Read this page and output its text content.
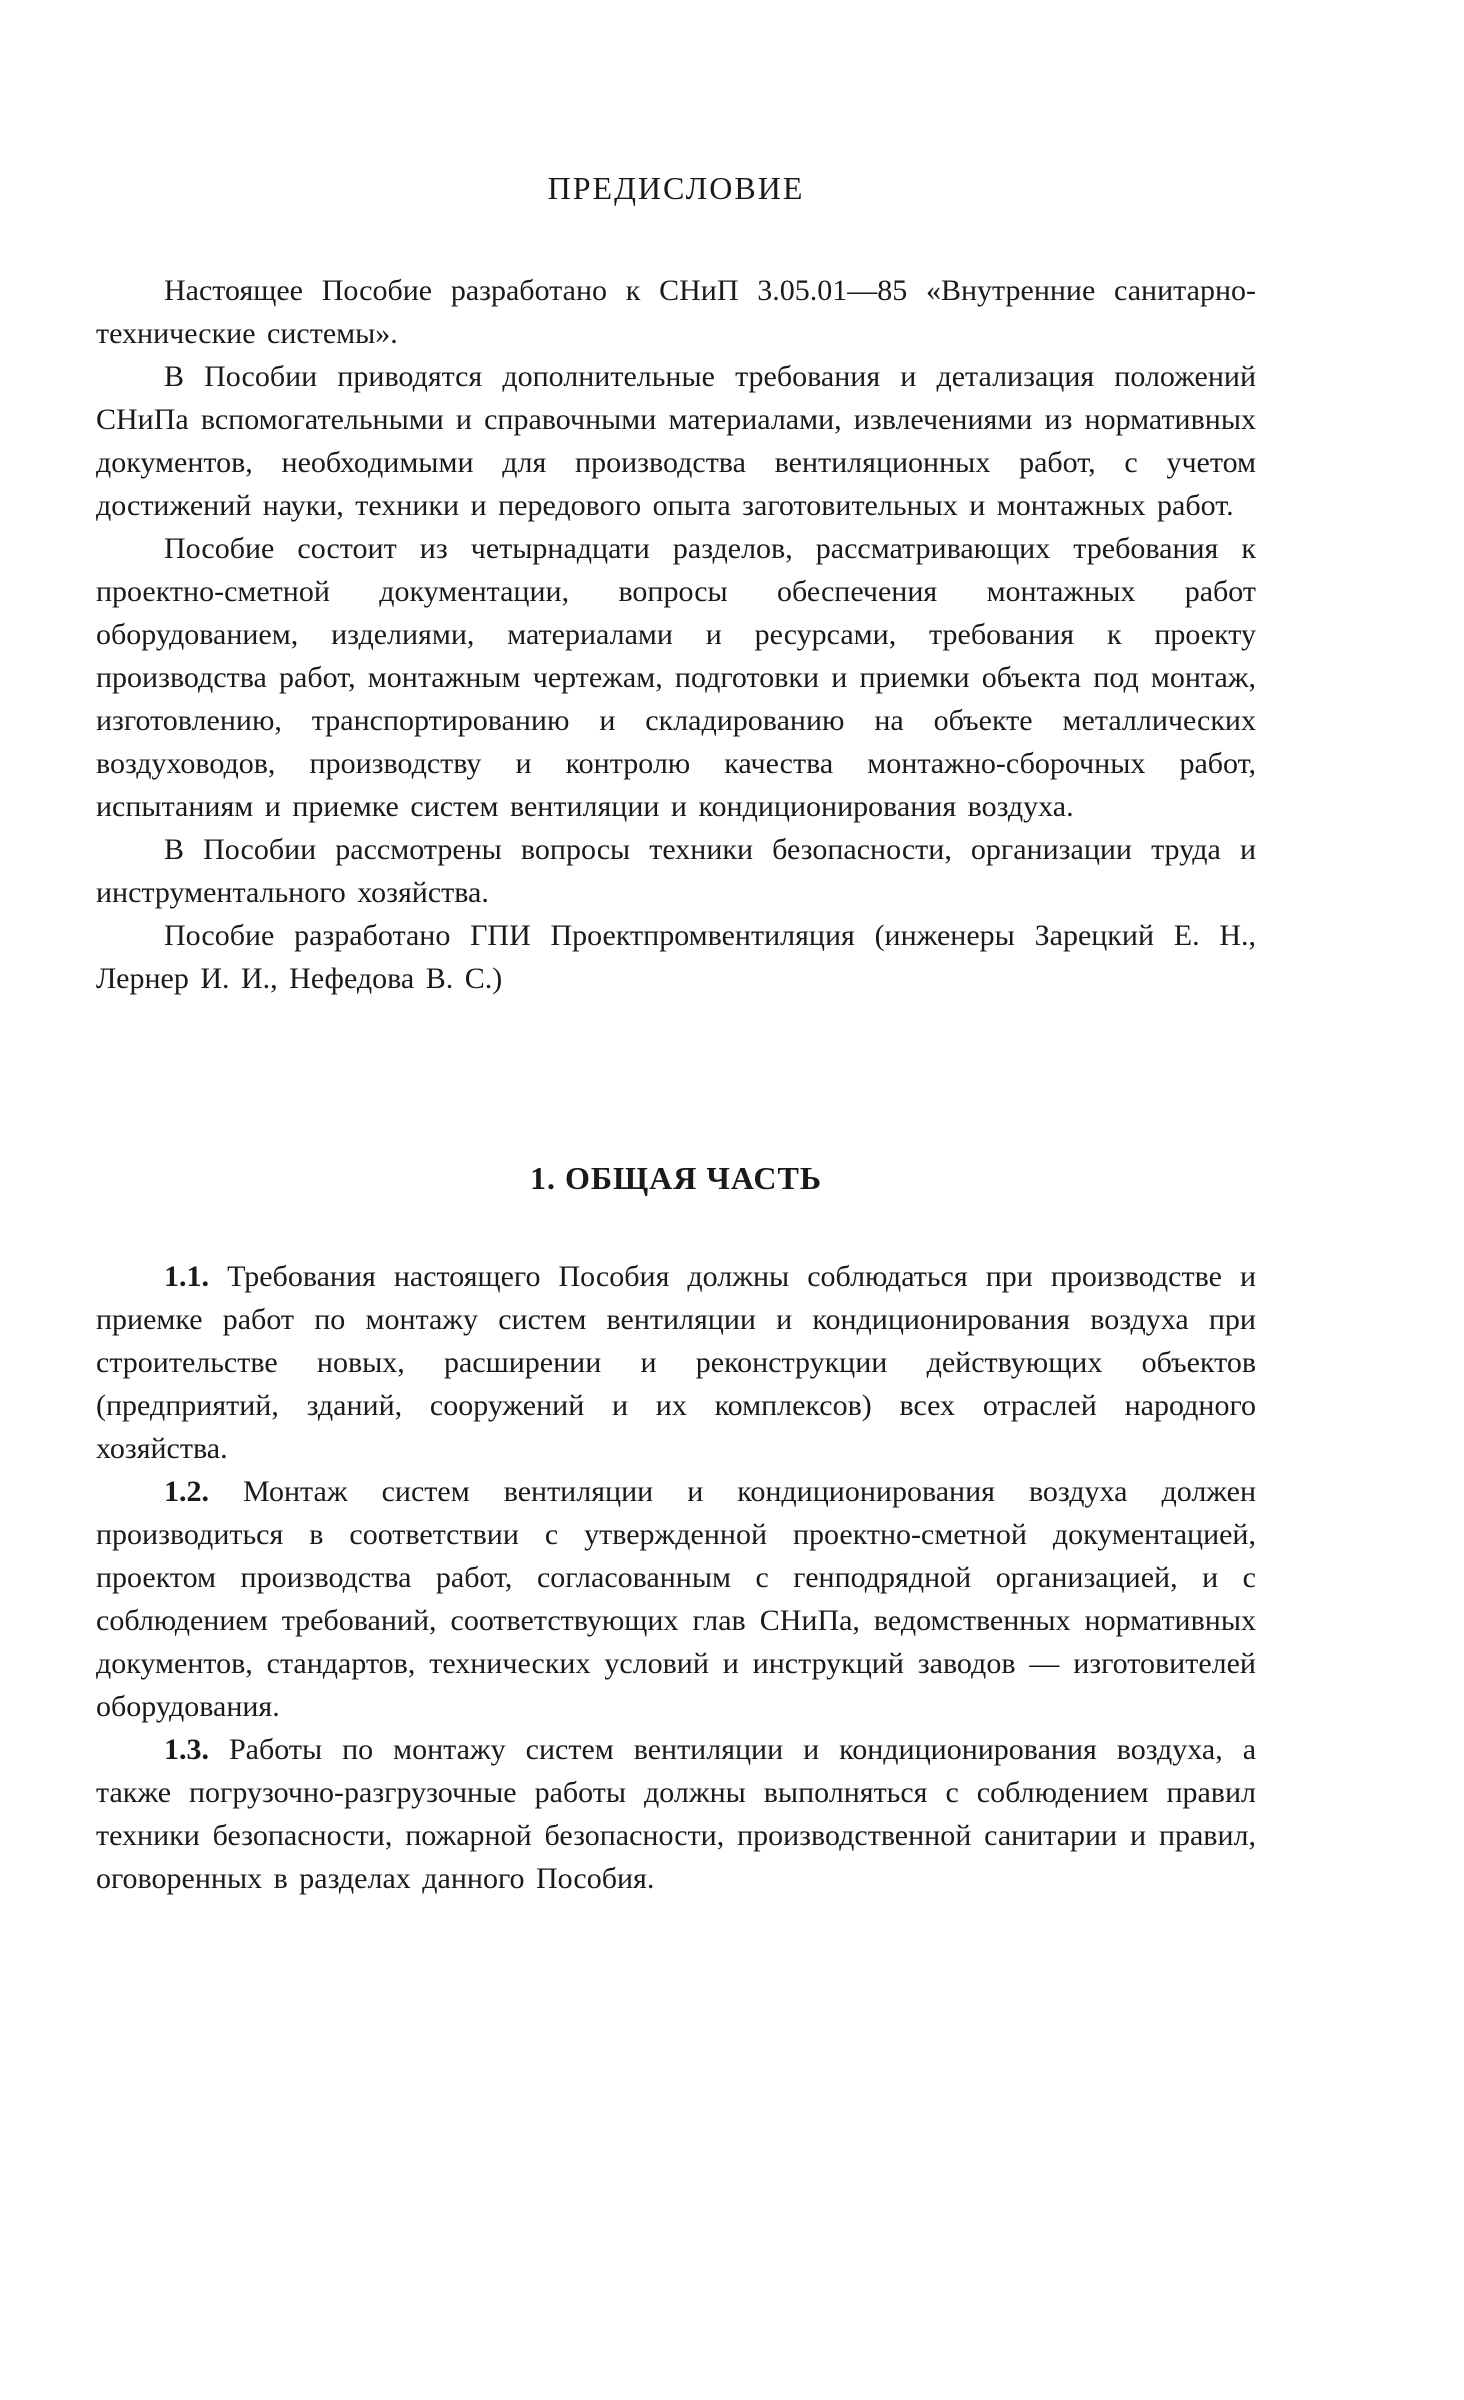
ПРЕДИСЛОВИЕ

Настоящее Пособие разработано к СНиП 3.05.01—85 «Внутренние санитарно-технические системы».

В Пособии приводятся дополнительные требования и детализация положений СНиПа вспомогательными и справочными материалами, извлечениями из нормативных документов, необходимыми для производства вентиляционных работ, с учетом достижений науки, техники и передового опыта заготовительных и монтажных работ.

Пособие состоит из четырнадцати разделов, рассматривающих требования к проектно-сметной документации, вопросы обеспечения монтажных работ оборудованием, изделиями, материалами и ресурсами, требования к проекту производства работ, монтажным чертежам, подготовки и приемки объекта под монтаж, изготовлению, транспортированию и складированию на объекте металлических воздуховодов, производству и контролю качества монтажно-сборочных работ, испытаниям и приемке систем вентиляции и кондиционирования воздуха.

В Пособии рассмотрены вопросы техники безопасности, организации труда и инструментального хозяйства.

Пособие разработано ГПИ Проектпромвентиляция (инженеры Зарецкий Е. Н., Лернер И. И., Нефедова В. С.)

1. ОБЩАЯ ЧАСТЬ

1.1. Требования настоящего Пособия должны соблюдаться при производстве и приемке работ по монтажу систем вентиляции и кондиционирования воздуха при строительстве новых, расширении и реконструкции действующих объектов (предприятий, зданий, сооружений и их комплексов) всех отраслей народного хозяйства.

1.2. Монтаж систем вентиляции и кондиционирования воздуха должен производиться в соответствии с утвержденной проектно-сметной документацией, проектом производства работ, согласованным с генподрядной организацией, и с соблюдением требований, соответствующих глав СНиПа, ведомственных нормативных документов, стандартов, технических условий и инструкций заводов — изготовителей оборудования.

1.3. Работы по монтажу систем вентиляции и кондиционирования воздуха, а также погрузочно-разгрузочные работы должны выполняться с соблюдением правил техники безопасности, пожарной безопасности, производственной санитарии и правил, оговоренных в разделах данного Пособия.
